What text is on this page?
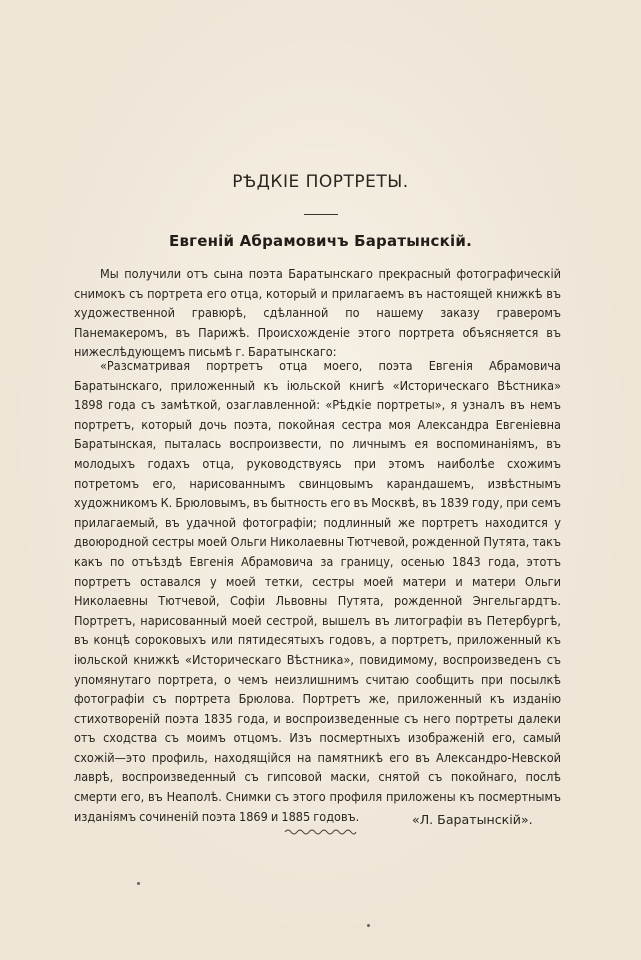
РѢДКІЕ ПОРТРЕТЫ.
Евгеній Абрамовичъ Баратынскій.
Мы получили отъ сына поэта Баратынскаго прекрасный фотографическій снимокъ съ портрета его отца, который и прилагаемъ въ настоящей книжкѣ въ художественной гравюрѣ, сдѣланной по нашему заказу граверомъ Панемакеромъ, въ Парижѣ. Происхожденіе этого портрета объясняется въ нижеслѣдующемъ письмѣ г. Баратынскаго:
«Разсматривая портретъ отца моего, поэта Евгенія Абрамовича Баратынскаго, приложенный къ іюльской книгѣ «Историческаго Вѣстника» 1898 года съ замѣткой, озаглавленной: «Рѣдкіе портреты», я узналъ въ немъ портретъ, который дочь поэта, покойная сестра моя Александра Евгеніевна Баратынская, пыталась воспроизвести, по личнымъ ея воспоминаніямъ, въ молодыхъ годахъ отца, руководствуясь при этомъ наиболѣе схожимъ потретомъ его, нарисованнымъ свинцовымъ карандашемъ, извѣстнымъ художникомъ К. Брюловымъ, въ бытность его въ Москвѣ, въ 1839 году, при семъ прилагаемый, въ удачной фотографіи; подлинный же портретъ находится у двоюродной сестры моей Ольги Николаевны Тютчевой, рожденной Путята, такъ какъ по отъѣздѣ Евгенія Абрамовича за границу, осенью 1843 года, этотъ портретъ оставался у моей тетки, сестры моей матери и матери Ольги Николаевны Тютчевой, Софіи Львовны Путята, рожденной Энгельгардтъ. Портретъ, нарисованный моей сестрой, вышелъ въ литографіи въ Петербургѣ, въ концѣ сороковыхъ или пятидесятыхъ годовъ, а портретъ, приложенный къ іюльской книжкѣ «Историческаго Вѣстника», повидимому, воспроизведенъ съ упомянутаго портрета, о чемъ неизлишнимъ считаю сообщить при посылкѣ фотографіи съ портрета Брюлова. Портретъ же, приложенный къ изданію стихотвореній поэта 1835 года, и воспроизведенные съ него портреты далеки отъ сходства съ моимъ отцомъ. Изъ посмертныхъ изображеній его, самый схожій—это профиль, находящійся на памятникѣ его въ Александро-Невской лаврѣ, воспроизведенный съ гипсовой маски, снятой съ покойнаго, послѣ смерти его, въ Неаполѣ. Снимки съ этого профиля приложены къ посмертнымъ изданіямъ сочиненій поэта 1869 и 1885 годовъ.	«Л. Баратынскій».
